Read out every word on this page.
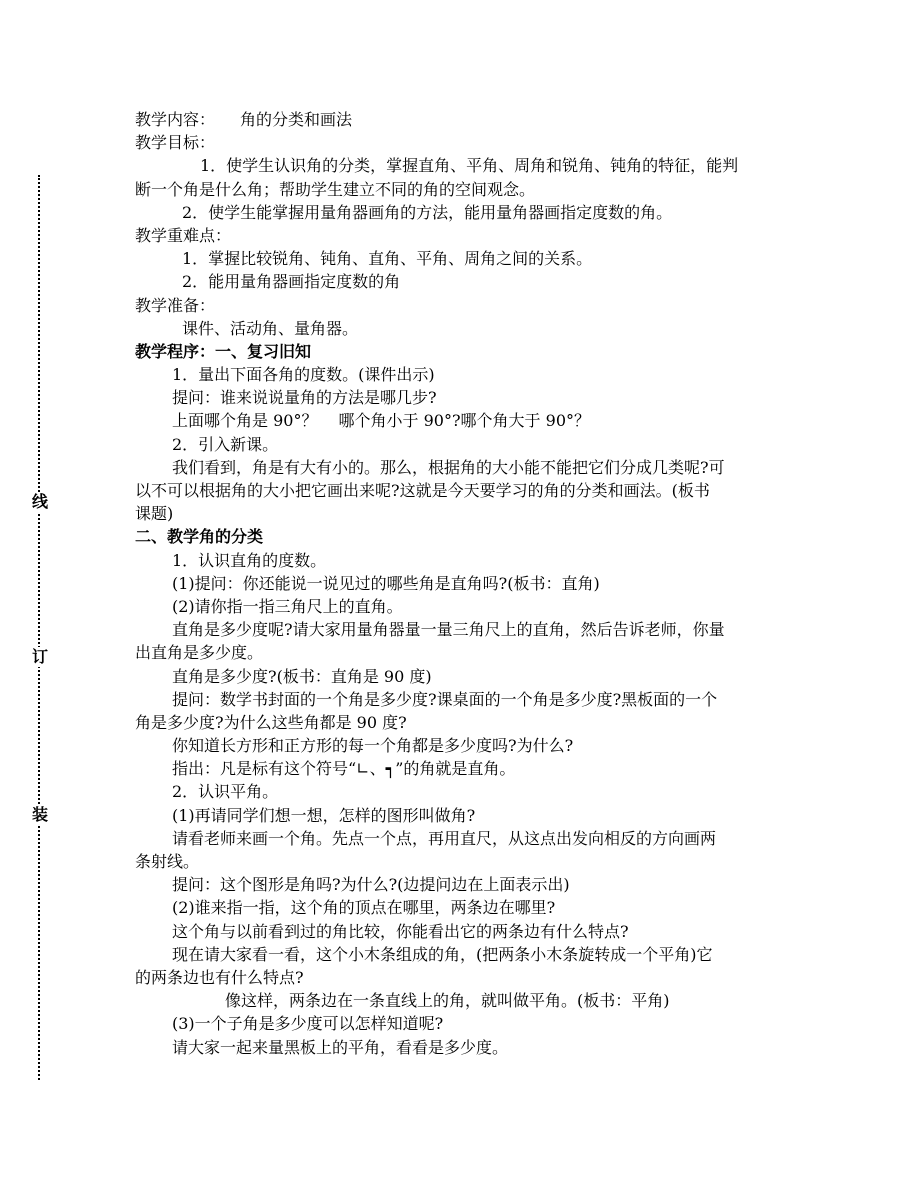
线
订
装
教学内容： 角的分类和画法
教学目标：
1．使学生认识角的分类，掌握直角、平角、周角和锐角、钝角的特征，能判
断一个角是什么角；帮助学生建立不同的角的空间观念。
2．使学生能掌握用量角器画角的方法，能用量角器画指定度数的角。
教学重难点：
1．掌握比较锐角、钝角、直角、平角、周角之间的关系。
2．能用量角器画指定度数的角
教学准备：
课件、活动角、量角器。
教学程序：一、复习旧知
1．量出下面各角的度数。(课件出示)
提问：谁来说说量角的方法是哪几步?
上面哪个角是 90°？　 哪个角小于 90°?哪个角大于 90°？
2．引入新课。
我们看到，角是有大有小的。那么，根据角的大小能不能把它们分成几类呢?可
以不可以根据角的大小把它画出来呢?这就是今天要学习的角的分类和画法。(板书
课题)
二、教学角的分类
1．认识直角的度数。
(1)提问：你还能说一说见过的哪些角是直角吗?(板书：直角)
(2)请你指一指三角尺上的直角。
直角是多少度呢?请大家用量角器量一量三角尺上的直角，然后告诉老师，你量
出直角是多少度。
直角是多少度?(板书：直角是 90 度)
提问：数学书封面的一个角是多少度?课桌面的一个角是多少度?黑板面的一个
角是多少度?为什么这些角都是 90 度?
你知道长方形和正方形的每一个角都是多少度吗?为什么?
指出：凡是标有这个符号“∟、┑”的角就是直角。
2．认识平角。
(1)再请同学们想一想，怎样的图形叫做角?
请看老师来画一个角。先点一个点，再用直尺，从这点出发向相反的方向画两
条射线。
提问：这个图形是角吗?为什么?(边提问边在上面表示出)
(2)谁来指一指，这个角的顶点在哪里，两条边在哪里?
这个角与以前看到过的角比较，你能看出它的两条边有什么特点?
现在请大家看一看，这个小木条组成的角，(把两条小木条旋转成一个平角)它
的两条边也有什么特点?
像这样，两条边在一条直线上的角，就叫做平角。(板书：平角)
(3)一个子角是多少度可以怎样知道呢?
请大家一起来量黑板上的平角，看看是多少度。
